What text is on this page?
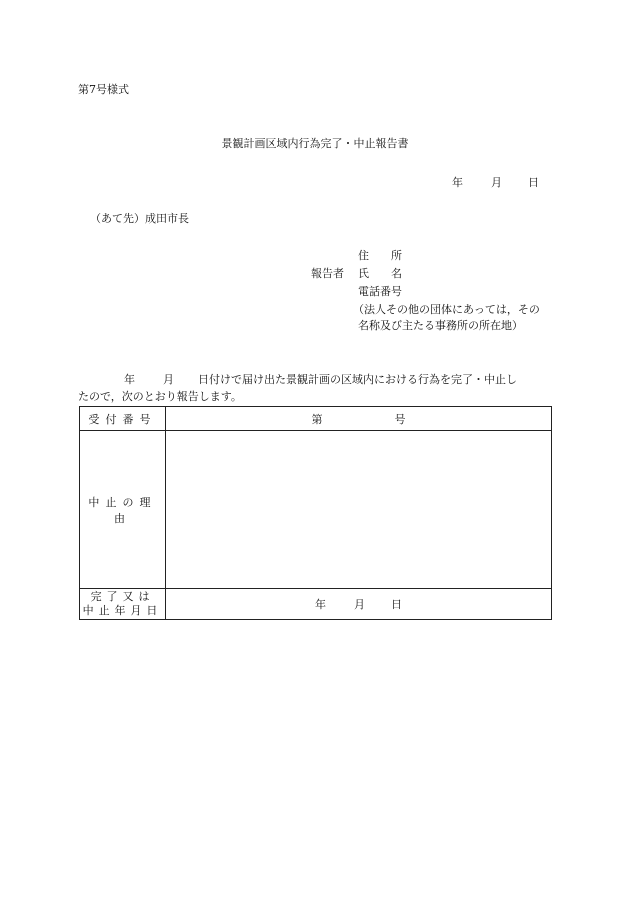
第7号様式
景観計画区域内行為完了・中止報告書
年	月 日
（あて先）成田市長
報告者
住　　所
氏　　名
電話番号
（法人その他の団体にあっては，その
名称及び主たる事務所の所在地）
年	月 日付けで届け出た景観計画の区域内における行為を完了・中止し
たので，次のとおり報告します。
受付番号	第 号
中止の理由	

完了又は
中止年月日	年 月 日
